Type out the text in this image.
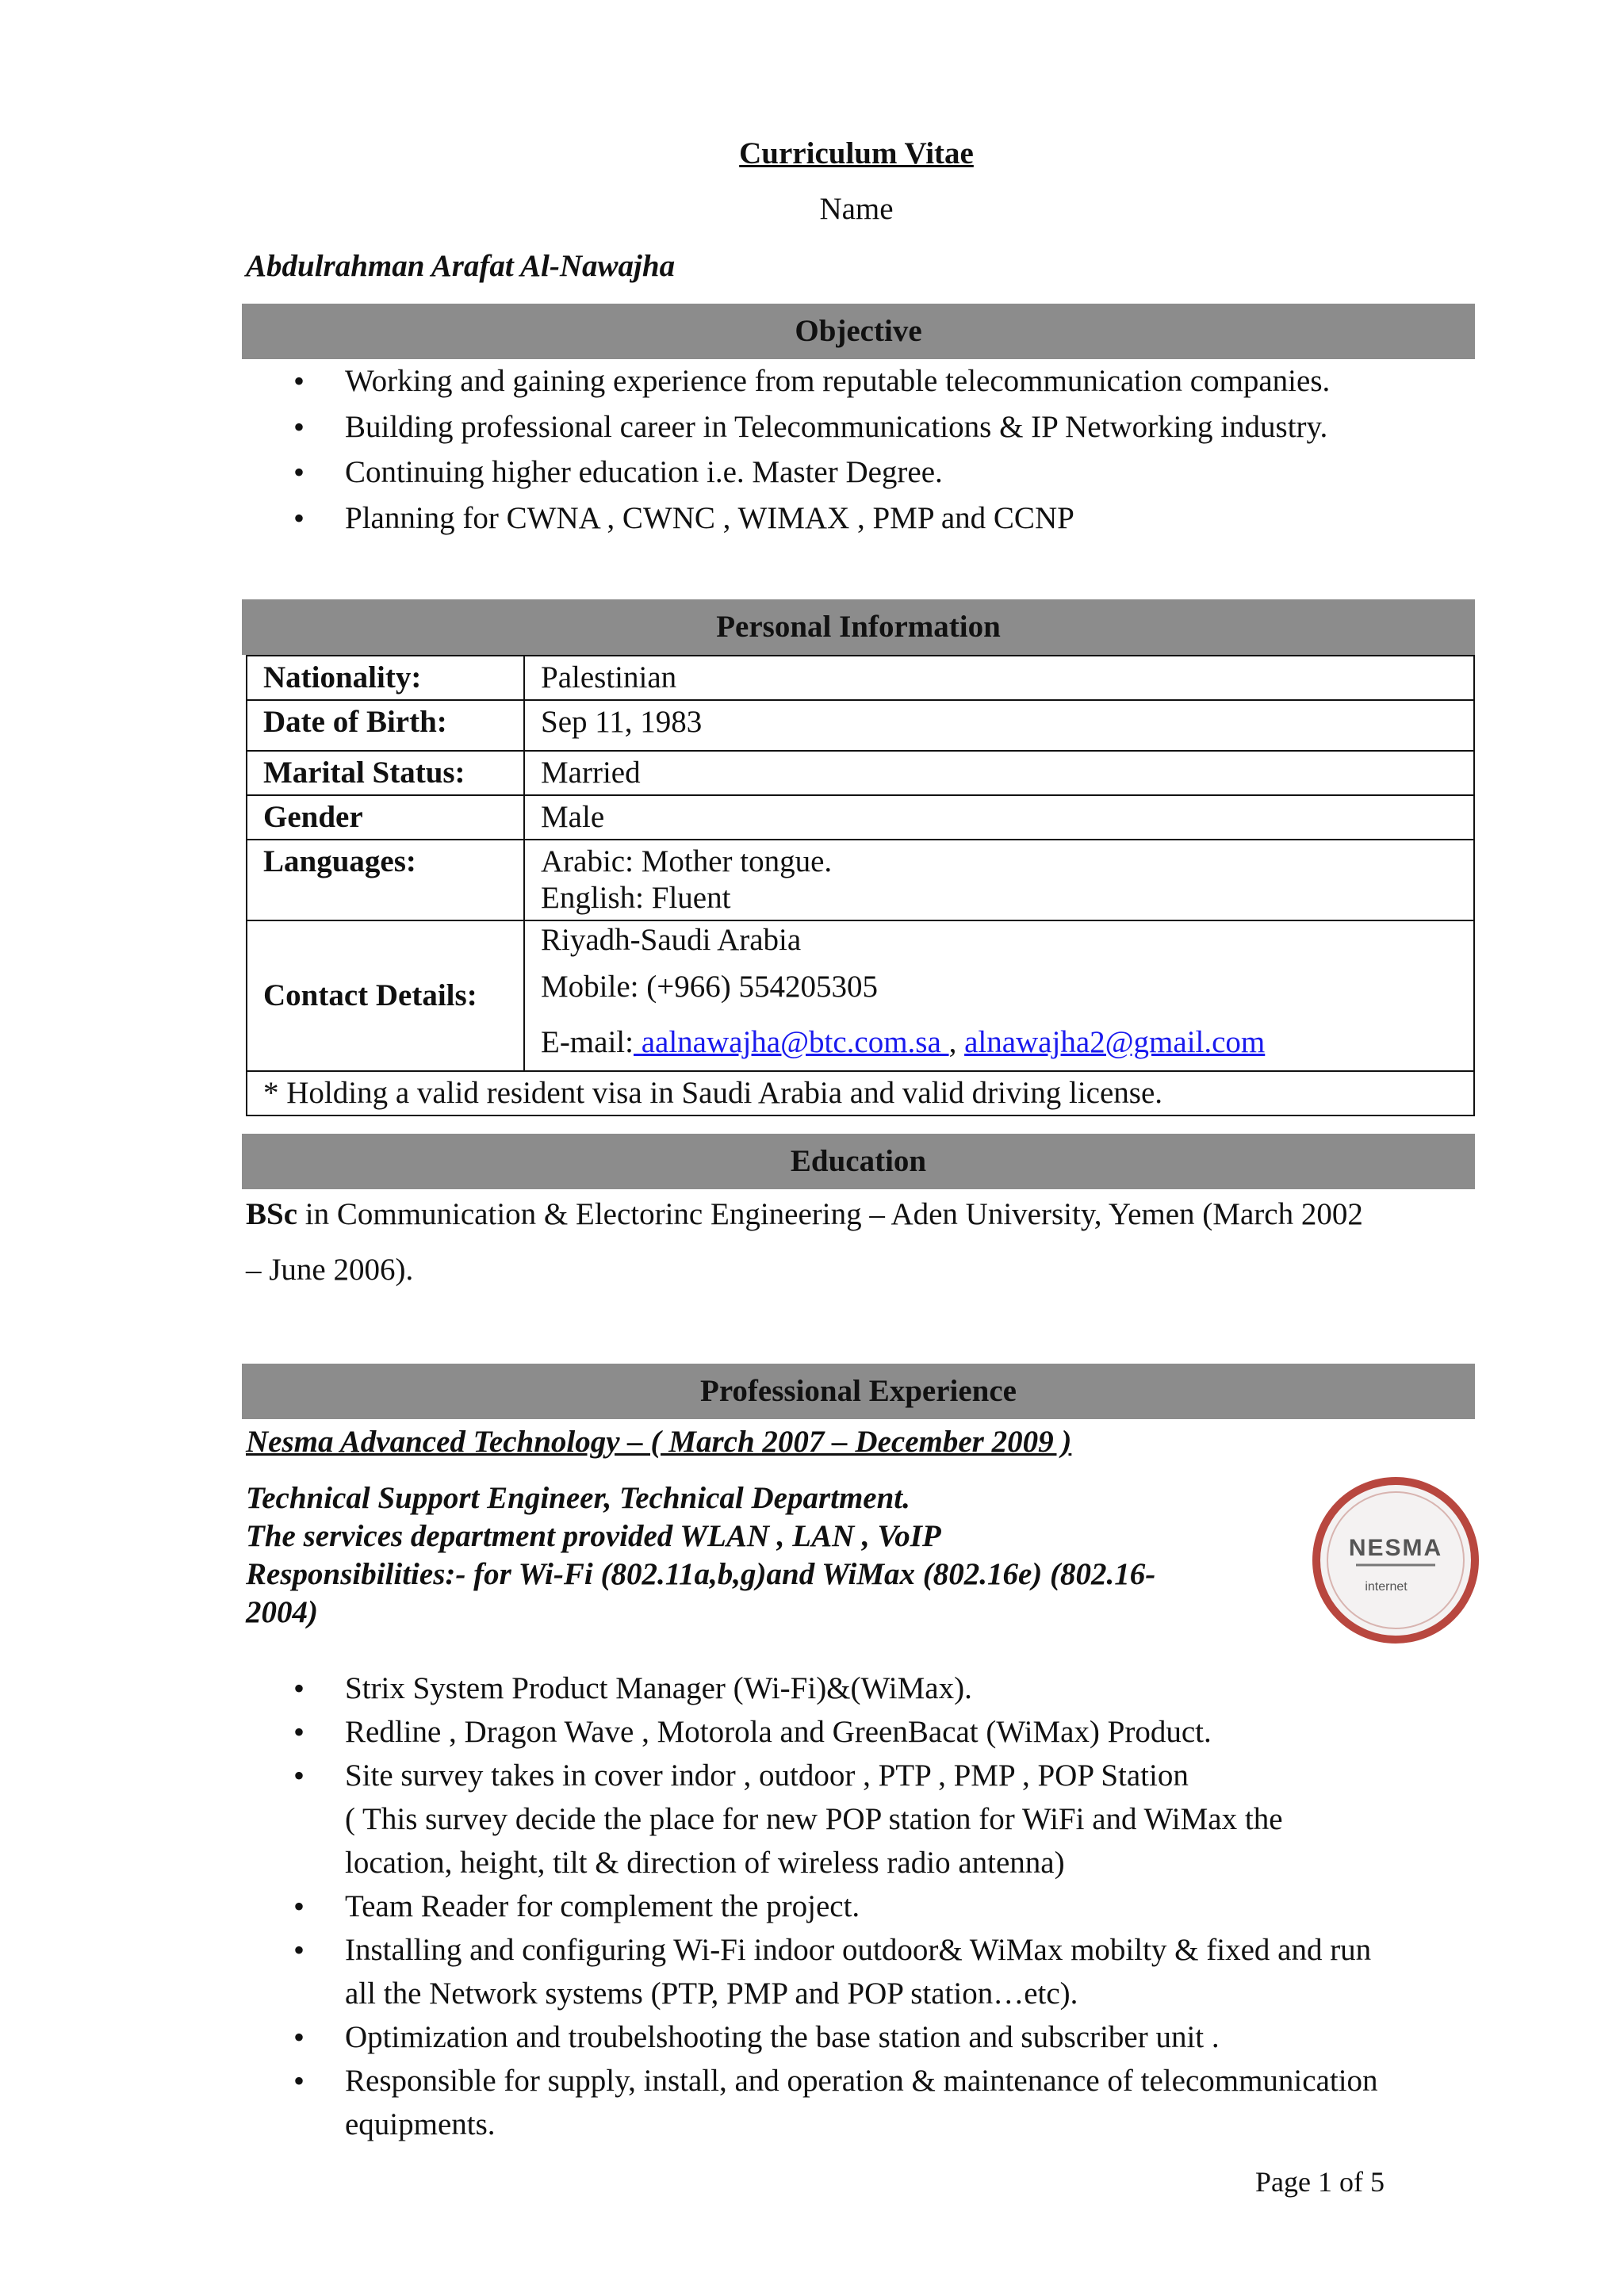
Curriculum Vitae
Name
Abdulrahman Arafat Al-Nawajha
Objective
• Working and gaining experience from reputable telecommunication companies.
• Building professional career in Telecommunications & IP Networking industry.
• Continuing higher education i.e. Master Degree.
• Planning for CWNA , CWNC , WIMAX , PMP and CCNP
Personal Information
Nationality:	Palestinian
Date of Birth:	Sep 11, 1983
Marital Status:	Married
Gender	Male
Languages:	Arabic: Mother tongue.
English: Fluent

Contact Details:	Riyadh-Saudi Arabia
Mobile: (+966) 554205305
E-mail: aalnawajha@btc.com.sa , alnawajha2@gmail.com

* Holding a valid resident visa in Saudi Arabia and valid driving license.	
Education
BSc in Communication & Electorinc Engineering – Aden University, Yemen (March 2002
– June 2006).
Professional Experience
Nesma Advanced Technology – ( March 2007 – December 2009 )
Technical Support Engineer, Technical Department.
The services department provided WLAN , LAN , VoIP
Responsibilities:- for Wi-Fi (802.11a,b,g)and WiMax (802.16e) (802.16-
2004)
NESMA
internet
• Strix System Product Manager (Wi-Fi)&(WiMax).
• Redline , Dragon Wave , Motorola and GreenBacat (WiMax) Product.
• Site survey takes in cover indor , outdoor , PTP , PMP , POP Station
( This survey decide the place for new POP station for WiFi and WiMax the
location, height, tilt & direction of wireless radio antenna)
• Team Reader for complement the project.
• Installing and configuring Wi-Fi indoor outdoor& WiMax mobilty & fixed and run
all the Network systems (PTP, PMP and POP station…etc).
• Optimization and troubelshooting the base station and subscriber unit .
• Responsible for supply, install, and operation & maintenance of telecommunication
equipments.
Page 1 of 5
